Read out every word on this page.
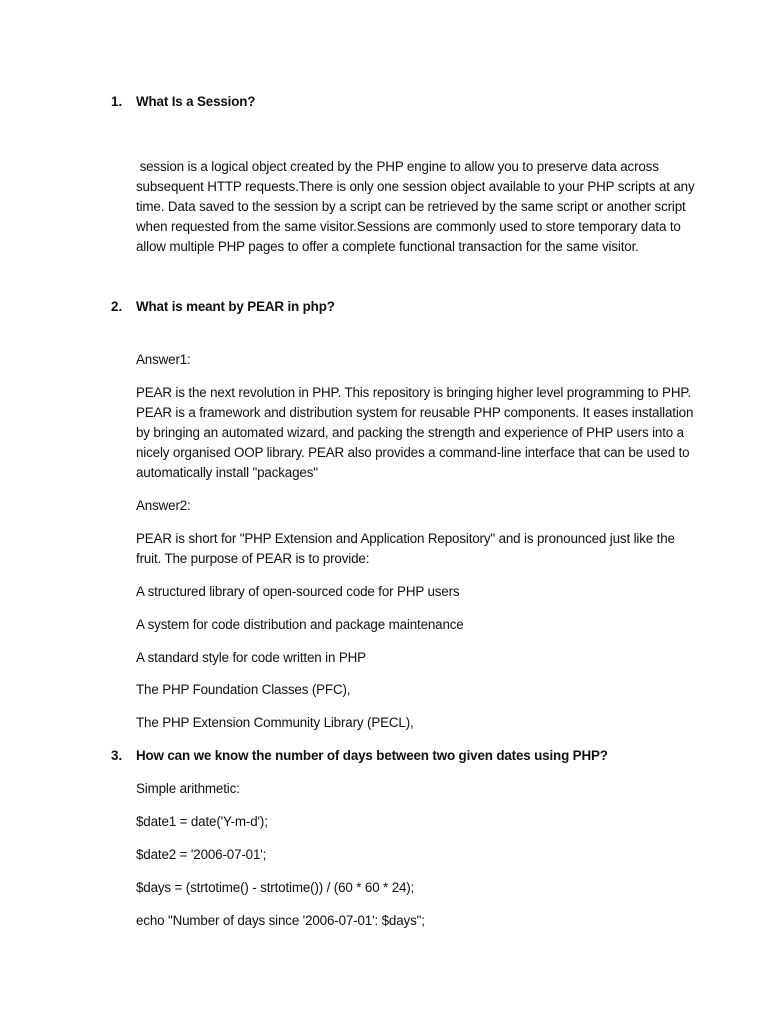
1. What Is a Session?
session is a logical object created by the PHP engine to allow you to preserve data across
subsequent HTTP requests.There is only one session object available to your PHP scripts at any
time. Data saved to the session by a script can be retrieved by the same script or another script
when requested from the same visitor.Sessions are commonly used to store temporary data to
allow multiple PHP pages to offer a complete functional transaction for the same visitor.
2. What is meant by PEAR in php?
Answer1:
PEAR is the next revolution in PHP. This repository is bringing higher level programming to PHP.
PEAR is a framework and distribution system for reusable PHP components. It eases installation
by bringing an automated wizard, and packing the strength and experience of PHP users into a
nicely organised OOP library. PEAR also provides a command-line interface that can be used to
automatically install "packages"
Answer2:
PEAR is short for "PHP Extension and Application Repository" and is pronounced just like the
fruit. The purpose of PEAR is to provide:
A structured library of open-sourced code for PHP users
A system for code distribution and package maintenance
A standard style for code written in PHP
The PHP Foundation Classes (PFC),
The PHP Extension Community Library (PECL),
3. How can we know the number of days between two given dates using PHP?
Simple arithmetic:
$date1 = date('Y-m-d');
$date2 = '2006-07-01';
$days = (strtotime() - strtotime()) / (60 * 60 * 24);
echo "Number of days since '2006-07-01': $days";
